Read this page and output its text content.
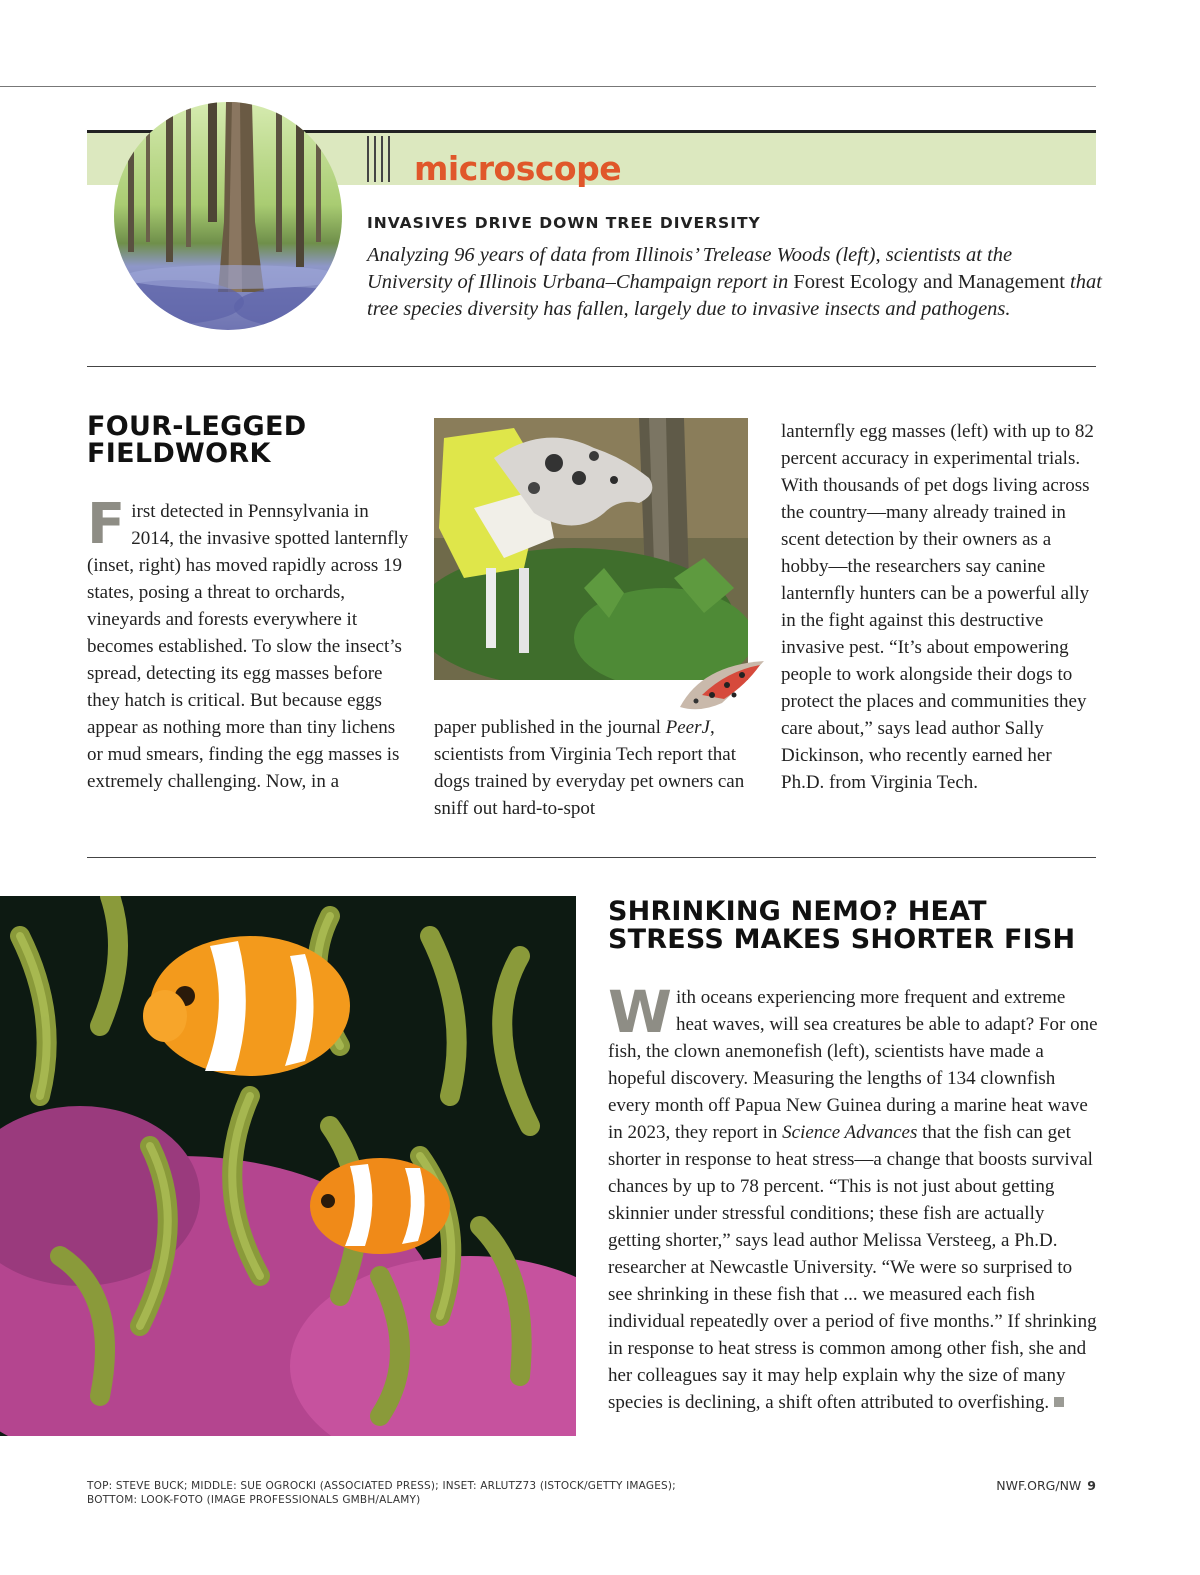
microscope
INVASIVES DRIVE DOWN TREE DIVERSITY
Analyzing 96 years of data from Illinois’ Trelease Woods (left), scientists at the University of Illinois Urbana–Champaign report in Forest Ecology and Management that tree species diversity has fallen, largely due to invasive insects and pathogens.
FOUR-LEGGED FIELDWORK
First detected in Pennsylvania in 2014, the invasive spotted lanternfly (inset, right) has moved rapidly across 19 states, posing a threat to orchards, vineyards and forests everywhere it becomes established. To slow the insect’s spread, detecting its egg masses before they hatch is critical. But because eggs appear as nothing more than tiny lichens or mud smears, finding the egg masses is extremely challenging. Now, in a
paper published in the journal PeerJ, scientists from Virginia Tech report that dogs trained by everyday pet owners can sniff out hard-to-spot
lanternfly egg masses (left) with up to 82 percent accuracy in experimental trials. With thousands of pet dogs living across the country—many already trained in scent detection by their owners as a hobby—the researchers say canine lanternfly hunters can be a powerful ally in the fight against this destructive invasive pest. “It’s about empowering people to work alongside their dogs to protect the places and communities they care about,” says lead author Sally Dickinson, who recently earned her Ph.D. from Virginia Tech.
SHRINKING NEMO? HEAT STRESS MAKES SHORTER FISH
With oceans experiencing more frequent and extreme heat waves, will sea creatures be able to adapt? For one fish, the clown anemonefish (left), scientists have made a hopeful discovery. Measuring the lengths of 134 clownfish every month off Papua New Guinea during a marine heat wave in 2023, they report in Science Advances that the fish can get shorter in response to heat stress—a change that boosts survival chances by up to 78 percent. “This is not just about getting skinnier under stressful conditions; these fish are actually getting shorter,” says lead author Melissa Versteeg, a Ph.D. researcher at Newcastle University. “We were so surprised to see shrinking in these fish that ... we measured each fish individual repeatedly over a period of five months.” If shrinking in response to heat stress is common among other fish, she and her colleagues say it may help explain why the size of many species is declining, a shift often attributed to overfishing.
TOP: STEVE BUCK; MIDDLE: SUE OGROCKI (ASSOCIATED PRESS); INSET: ARLUTZ73 (ISTOCK/GETTY IMAGES);
BOTTOM: LOOK-FOTO (IMAGE PROFESSIONALS GMBH/ALAMY)
NWF.ORG/NW 9
